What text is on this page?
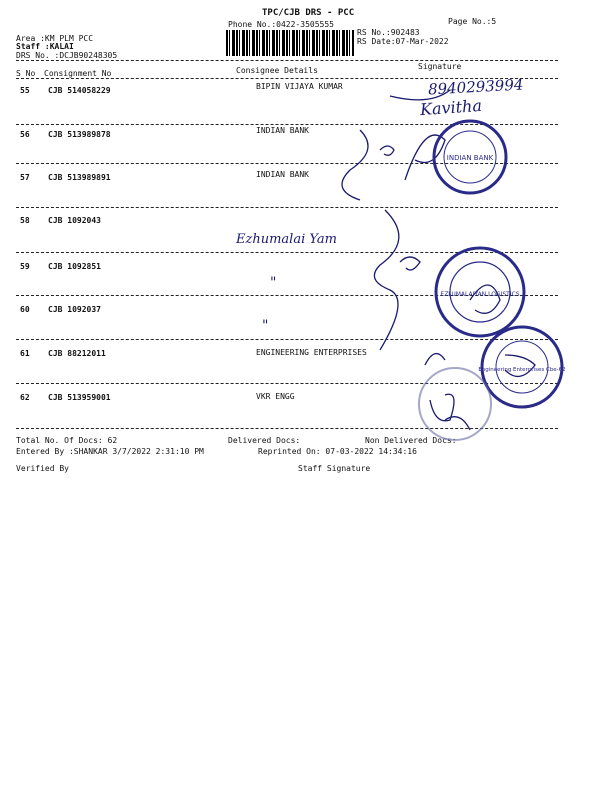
TPC/CJB DRS - PCC
Phone No.:0422-3505555	Page No.:5
Area :KM PLM PCC
Staff :KALAI
DRS No. :DCJB90248305
RS No.:902483
RS Date:07-Mar-2022
S No Consignment No	Consignee Details	Signature
55 CJB 514058229	BIPIN VIJAYA KUMAR
56 CJB 513989878	INDIAN BANK
57 CJB 513989891	INDIAN BANK
58 CJB 1092043
59 CJB 1092851
60 CJB 1092037
61 CJB 88212011	ENGINEERING ENTERPRISES
62 CJB 513959001	VKR ENGG
Total No. Of Docs: 62	Delivered Docs:	Non Delivered Docs:
Entered By :SHANKAR 3/7/2022 2:31:10 PM	Reprinted On: 07-03-2022 14:34:16
Verified By	Staff Signature
8940293994
Kavitha
Ezhumalai Yam
"
"
INDIAN BANK
EZLUMALAIYAN LOGISTICS
Engineering Enterprises Cbe-62
